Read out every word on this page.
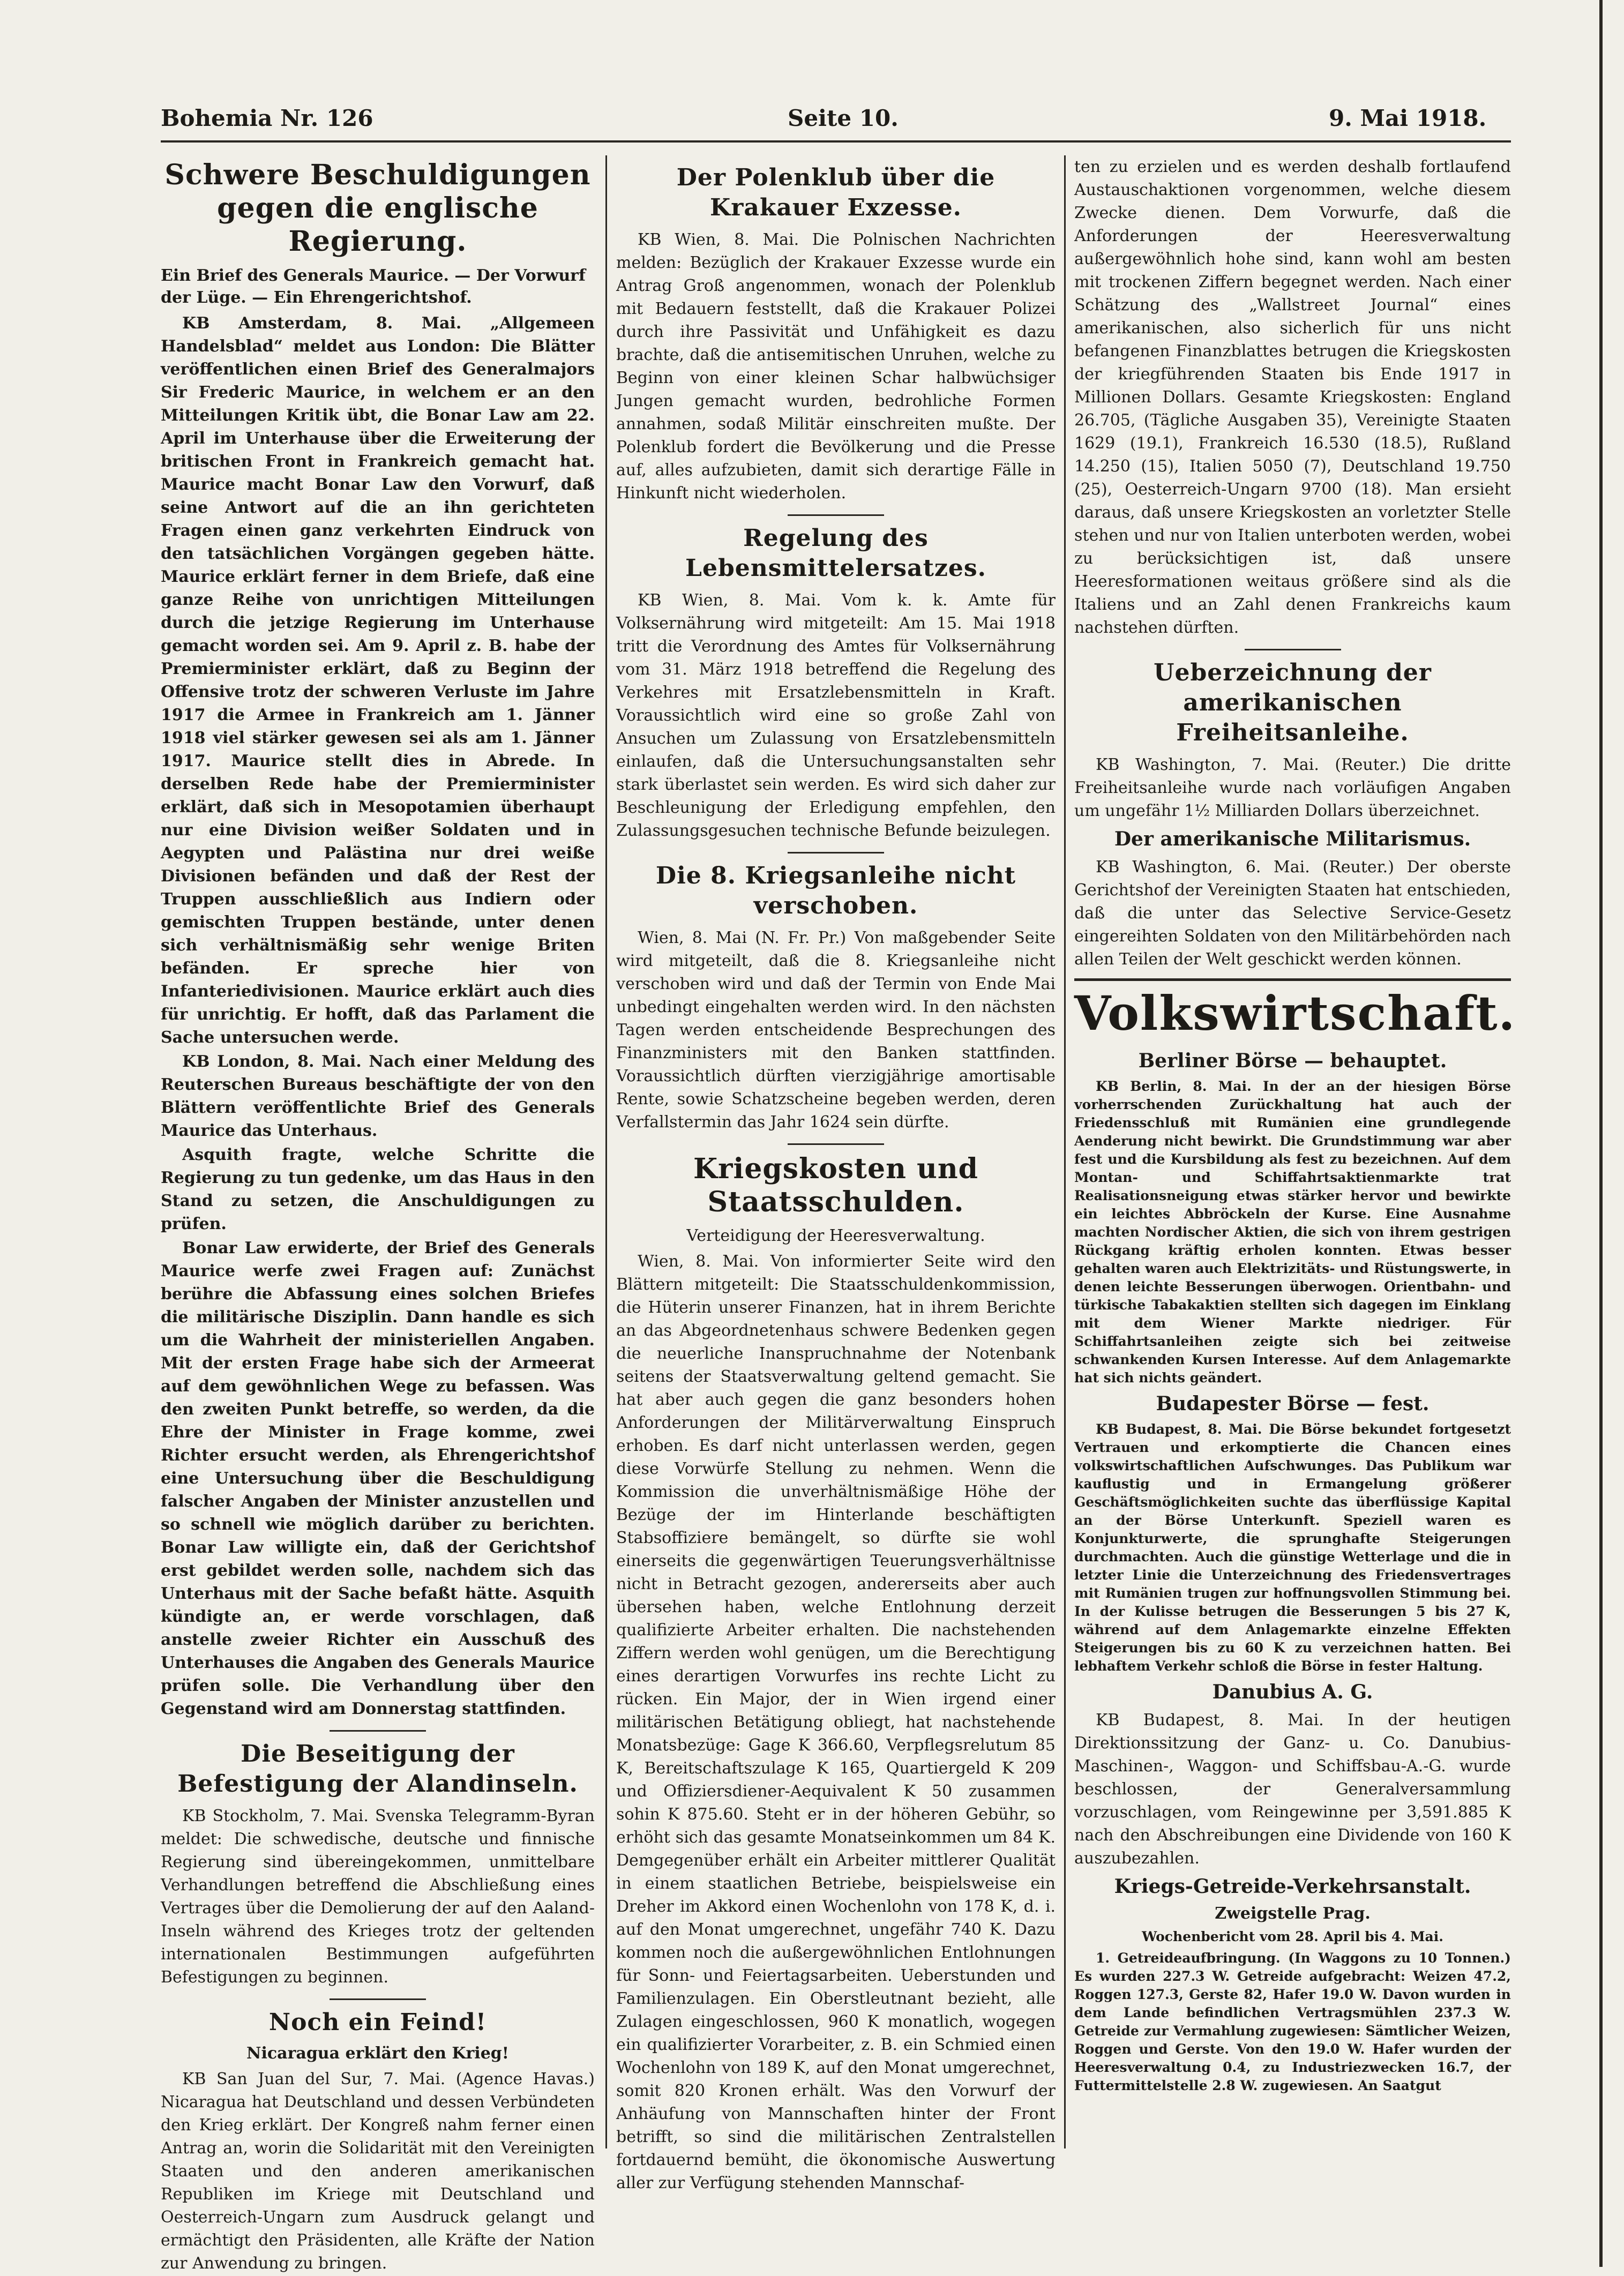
Bohemia Nr. 126	Seite 10.	9. Mai 1918.
Schwere Beschuldigungen gegen die englische Regierung.
Ein Brief des Generals Maurice. — Der Vorwurf der Lüge. — Ein Ehrengerichtshof.

KB Amsterdam, 8. Mai. „Allgemeen Handelsblad“ meldet aus London: Die Blätter veröffentlichen einen Brief des Generalmajors Sir Frederic Maurice, in welchem er an den Mitteilungen Kritik übt, die Bonar Law am 22. April im Unterhause über die Erweiterung der britischen Front in Frankreich gemacht hat. Maurice macht Bonar Law den Vorwurf, daß seine Antwort auf die an ihn gerichteten Fragen einen ganz verkehrten Eindruck von den tatsächlichen Vorgängen gegeben hätte. Maurice erklärt ferner in dem Briefe, daß eine ganze Reihe von unrichtigen Mitteilungen durch die jetzige Regierung im Unterhause gemacht worden sei. Am 9. April z. B. habe der Premierminister erklärt, daß zu Beginn der Offensive trotz der schweren Verluste im Jahre 1917 die Armee in Frankreich am 1. Jänner 1918 viel stärker gewesen sei als am 1. Jänner 1917. Maurice stellt dies in Abrede. In derselben Rede habe der Premierminister erklärt, daß sich in Mesopotamien überhaupt nur eine Division weißer Soldaten und in Aegypten und Palästina nur drei weiße Divisionen befänden und daß der Rest der Truppen ausschließlich aus Indiern oder gemischten Truppen bestände, unter denen sich verhältnismäßig sehr wenige Briten befänden. Er spreche hier von Infanteriedivisionen. Maurice erklärt auch dies für unrichtig. Er hofft, daß das Parlament die Sache untersuchen werde.

KB London, 8. Mai. Nach einer Meldung des Reuterschen Bureaus beschäftigte der von den Blättern veröffentlichte Brief des Generals Maurice das Unterhaus.

Asquith fragte, welche Schritte die Regierung zu tun gedenke, um das Haus in den Stand zu setzen, die Anschuldigungen zu prüfen.

Bonar Law erwiderte, der Brief des Generals Maurice werfe zwei Fragen auf: Zunächst berühre die Abfassung eines solchen Briefes die militärische Disziplin. Dann handle es sich um die Wahrheit der ministeriellen Angaben. Mit der ersten Frage habe sich der Armeerat auf dem gewöhnlichen Wege zu befassen. Was den zweiten Punkt betreffe, so werden, da die Ehre der Minister in Frage komme, zwei Richter ersucht werden, als Ehrengerichtshof eine Untersuchung über die Beschuldigung falscher Angaben der Minister anzustellen und so schnell wie möglich darüber zu berichten. Bonar Law willigte ein, daß der Gerichtshof erst gebildet werden solle, nachdem sich das Unterhaus mit der Sache befaßt hätte. Asquith kündigte an, er werde vorschlagen, daß anstelle zweier Richter ein Ausschuß des Unterhauses die Angaben des Generals Maurice prüfen solle. Die Verhandlung über den Gegenstand wird am Donnerstag stattfinden.

Die Beseitigung der Befestigung der Alandinseln.

KB Stockholm, 7. Mai. Svenska Telegramm-Byran meldet: Die schwedische, deutsche und finnische Regierung sind übereingekommen, unmittelbare Verhandlungen betreffend die Abschließung eines Vertrages über die Demolierung der auf den Aaland-Inseln während des Krieges trotz der geltenden internationalen Bestimmungen aufgeführten Befestigungen zu beginnen.

Noch ein Feind!
Nicaragua erklärt den Krieg!

KB San Juan del Sur, 7. Mai. (Agence Havas.) Nicaragua hat Deutschland und dessen Verbündeten den Krieg erklärt. Der Kongreß nahm ferner einen Antrag an, worin die Solidarität mit den Vereinigten Staaten und den anderen amerikanischen Republiken im Kriege mit Deutschland und Oesterreich-Ungarn zum Ausdruck gelangt und ermächtigt den Präsidenten, alle Kräfte der Nation zur Anwendung zu bringen.

Der Polenklub über die Krakauer Exzesse.

KB Wien, 8. Mai. Die Polnischen Nachrichten melden: Bezüglich der Krakauer Exzesse wurde ein Antrag Groß angenommen, wonach der Polenklub mit Bedauern feststellt, daß die Krakauer Polizei durch ihre Passivität und Unfähigkeit es dazu brachte, daß die antisemitischen Unruhen, welche zu Beginn von einer kleinen Schar halbwüchsiger Jungen gemacht wurden, bedrohliche Formen annahmen, sodaß Militär einschreiten mußte. Der Polenklub fordert die Bevölkerung und die Presse auf, alles aufzubieten, damit sich derartige Fälle in Hinkunft nicht wiederholen.

Regelung des Lebensmittelersatzes.

KB Wien, 8. Mai. Vom k. k. Amte für Volksernährung wird mitgeteilt: Am 15. Mai 1918 tritt die Verordnung des Amtes für Volksernährung vom 31. März 1918 betreffend die Regelung des Verkehres mit Ersatzlebensmitteln in Kraft. Voraussichtlich wird eine so große Zahl von Ansuchen um Zulassung von Ersatzlebensmitteln einlaufen, daß die Untersuchungsanstalten sehr stark überlastet sein werden. Es wird sich daher zur Beschleunigung der Erledigung empfehlen, den Zulassungsgesuchen technische Befunde beizulegen.

Die 8. Kriegsanleihe nicht verschoben.

Wien, 8. Mai (N. Fr. Pr.) Von maßgebender Seite wird mitgeteilt, daß die 8. Kriegsanleihe nicht verschoben wird und daß der Termin von Ende Mai unbedingt eingehalten werden wird. In den nächsten Tagen werden entscheidende Besprechungen des Finanzministers mit den Banken stattfinden. Voraussichtlich dürften vierzigjährige amortisable Rente, sowie Schatzscheine begeben werden, deren Verfallstermin das Jahr 1624 sein dürfte.

Kriegskosten und Staatsschulden.
Verteidigung der Heeresverwaltung.

Wien, 8. Mai. Von informierter Seite wird den Blättern mitgeteilt: Die Staatsschuldenkommission, die Hüterin unserer Finanzen, hat in ihrem Berichte an das Abgeordnetenhaus schwere Bedenken gegen die neuerliche Inanspruchnahme der Notenbank seitens der Staatsverwaltung geltend gemacht. Sie hat aber auch gegen die ganz besonders hohen Anforderungen der Militärverwaltung Einspruch erhoben. Es darf nicht unterlassen werden, gegen diese Vorwürfe Stellung zu nehmen. Wenn die Kommission die unverhältnismäßige Höhe der Bezüge der im Hinterlande beschäftigten Stabsoffiziere bemängelt, so dürfte sie wohl einerseits die gegenwärtigen Teuerungsverhältnisse nicht in Betracht gezogen, andererseits aber auch übersehen haben, welche Entlohnung derzeit qualifizierte Arbeiter erhalten. Die nachstehenden Ziffern werden wohl genügen, um die Berechtigung eines derartigen Vorwurfes ins rechte Licht zu rücken. Ein Major, der in Wien irgend einer militärischen Betätigung obliegt, hat nachstehende Monatsbezüge: Gage K 366.60, Verpflegsrelutum 85 K, Bereitschaftszulage K 165, Quartiergeld K 209 und Offiziersdiener-Aequivalent K 50 zusammen sohin K 875.60. Steht er in der höheren Gebühr, so erhöht sich das gesamte Monatseinkommen um 84 K. Demgegenüber erhält ein Arbeiter mittlerer Qualität in einem staatlichen Betriebe, beispielsweise ein Dreher im Akkord einen Wochenlohn von 178 K, d. i. auf den Monat umgerechnet, ungefähr 740 K. Dazu kommen noch die außergewöhnlichen Entlohnungen für Sonn- und Feiertagsarbeiten. Ueberstunden und Familienzulagen. Ein Oberstleutnant bezieht, alle Zulagen eingeschlossen, 960 K monatlich, wogegen ein qualifizierter Vorarbeiter, z. B. ein Schmied einen Wochenlohn von 189 K, auf den Monat umgerechnet, somit 820 Kronen erhält. Was den Vorwurf der Anhäufung von Mannschaften hinter der Front betrifft, so sind die militärischen Zentralstellen fortdauernd bemüht, die ökonomische Auswertung aller zur Verfügung stehenden Mannschaf-

ten zu erzielen und es werden deshalb fortlaufend Austauschaktionen vorgenommen, welche diesem Zwecke dienen. Dem Vorwurfe, daß die Anforderungen der Heeresverwaltung außergewöhnlich hohe sind, kann wohl am besten mit trockenen Ziffern begegnet werden. Nach einer Schätzung des „Wallstreet Journal“ eines amerikanischen, also sicherlich für uns nicht befangenen Finanzblattes betrugen die Kriegskosten der kriegführenden Staaten bis Ende 1917 in Millionen Dollars. Gesamte Kriegskosten: England 26.705, (Tägliche Ausgaben 35), Vereinigte Staaten 1629 (19.1), Frankreich 16.530 (18.5), Rußland 14.250 (15), Italien 5050 (7), Deutschland 19.750 (25), Oesterreich-Ungarn 9700 (18). Man ersieht daraus, daß unsere Kriegskosten an vorletzter Stelle stehen und nur von Italien unterboten werden, wobei zu berücksichtigen ist, daß unsere Heeresformationen weitaus größere sind als die Italiens und an Zahl denen Frankreichs kaum nachstehen dürften.

Ueberzeichnung der amerikanischen Freiheitsanleihe.

KB Washington, 7. Mai. (Reuter.) Die dritte Freiheitsanleihe wurde nach vorläufigen Angaben um ungefähr 1½ Milliarden Dollars überzeichnet.

Der amerikanische Militarismus.

KB Washington, 6. Mai. (Reuter.) Der oberste Gerichtshof der Vereinigten Staaten hat entschieden, daß die unter das Selective Service-Gesetz eingereihten Soldaten von den Militärbehörden nach allen Teilen der Welt geschickt werden können.

Volkswirtschaft.
Berliner Börse — behauptet.

KB Berlin, 8. Mai. In der an der hiesigen Börse vorherrschenden Zurückhaltung hat auch der Friedensschluß mit Rumänien eine grundlegende Aenderung nicht bewirkt. Die Grundstimmung war aber fest und die Kursbildung als fest zu bezeichnen. Auf dem Montan- und Schiffahrtsaktienmarkte trat Realisationsneigung etwas stärker hervor und bewirkte ein leichtes Abbröckeln der Kurse. Eine Ausnahme machten Nordischer Aktien, die sich von ihrem gestrigen Rückgang kräftig erholen konnten. Etwas besser gehalten waren auch Elektrizitäts- und Rüstungswerte, in denen leichte Besserungen überwogen. Orientbahn- und türkische Tabakaktien stellten sich dagegen im Einklang mit dem Wiener Markte niedriger. Für Schiffahrtsanleihen zeigte sich bei zeitweise schwankenden Kursen Interesse. Auf dem Anlagemarkte hat sich nichts geändert.

Budapester Börse — fest.

KB Budapest, 8. Mai. Die Börse bekundet fortgesetzt Vertrauen und erkomptierte die Chancen eines volkswirtschaftlichen Aufschwunges. Das Publikum war kauflustig und in Ermangelung größerer Geschäftsmöglichkeiten suchte das überflüssige Kapital an der Börse Unterkunft. Speziell waren es Konjunkturwerte, die sprunghafte Steigerungen durchmachten. Auch die günstige Wetterlage und die in letzter Linie die Unterzeichnung des Friedensvertrages mit Rumänien trugen zur hoffnungsvollen Stimmung bei. In der Kulisse betrugen die Besserungen 5 bis 27 K, während auf dem Anlagemarkte einzelne Effekten Steigerungen bis zu 60 K zu verzeichnen hatten. Bei lebhaftem Verkehr schloß die Börse in fester Haltung.

Danubius A. G.

KB Budapest, 8. Mai. In der heutigen Direktionssitzung der Ganz- u. Co. Danubius-Maschinen-, Waggon- und Schiffsbau-A.-G. wurde beschlossen, der Generalversammlung vorzuschlagen, vom Reingewinne per 3,591.885 K nach den Abschreibungen eine Dividende von 160 K auszubezahlen.

Kriegs-Getreide-Verkehrsanstalt.
Zweigstelle Prag.
Wochenbericht vom 28. April bis 4. Mai.

1. Getreideaufbringung. (In Waggons zu 10 Tonnen.) Es wurden 227.3 W. Getreide aufgebracht: Weizen 47.2, Roggen 127.3, Gerste 82, Hafer 19.0 W. Davon wurden in dem Lande befindlichen Vertragsmühlen 237.3 W. Getreide zur Vermahlung zugewiesen: Sämtlicher Weizen, Roggen und Gerste. Von den 19.0 W. Hafer wurden der Heeresverwaltung 0.4, zu Industriezwecken 16.7, der Futtermittelstelle 2.8 W. zugewiesen. An Saatgut
